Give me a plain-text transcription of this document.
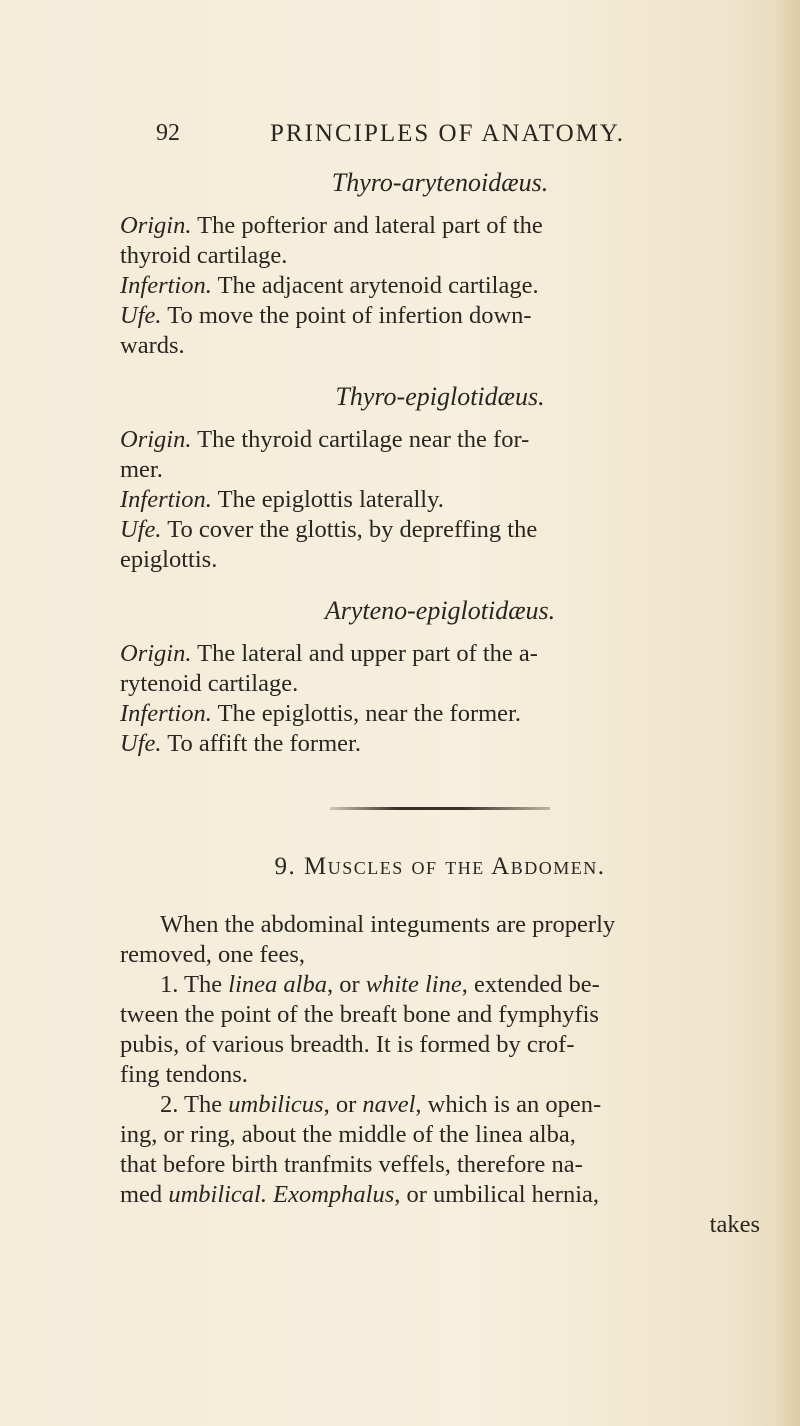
92	PRINCIPLES OF ANATOMY.

Thyro-arytenoidæus.

Origin. The pofterior and lateral part of the
thyroid cartilage.

Infertion. The adjacent arytenoid cartilage.

Ufe. To move the point of infertion down-
wards.

Thyro-epiglotidæus.

Origin. The thyroid cartilage near the for-
mer.

Infertion. The epiglottis laterally.

Ufe. To cover the glottis, by depreffing the
epiglottis.

Aryteno-epiglotidæus.

Origin. The lateral and upper part of the a-
rytenoid cartilage.

Infertion. The epiglottis, near the former.

Ufe. To affift the former.

9. Muscles of the Abdomen.

When the abdominal integuments are properly
removed, one fees,

1. The linea alba, or white line, extended be-
tween the point of the breaft bone and fymphyfis
pubis, of various breadth. It is formed by crof-
fing tendons.

2. The umbilicus, or navel, which is an open-
ing, or ring, about the middle of the linea alba,
that before birth tranfmits veffels, therefore na-
med umbilical. Exomphalus, or umbilical hernia,

takes
